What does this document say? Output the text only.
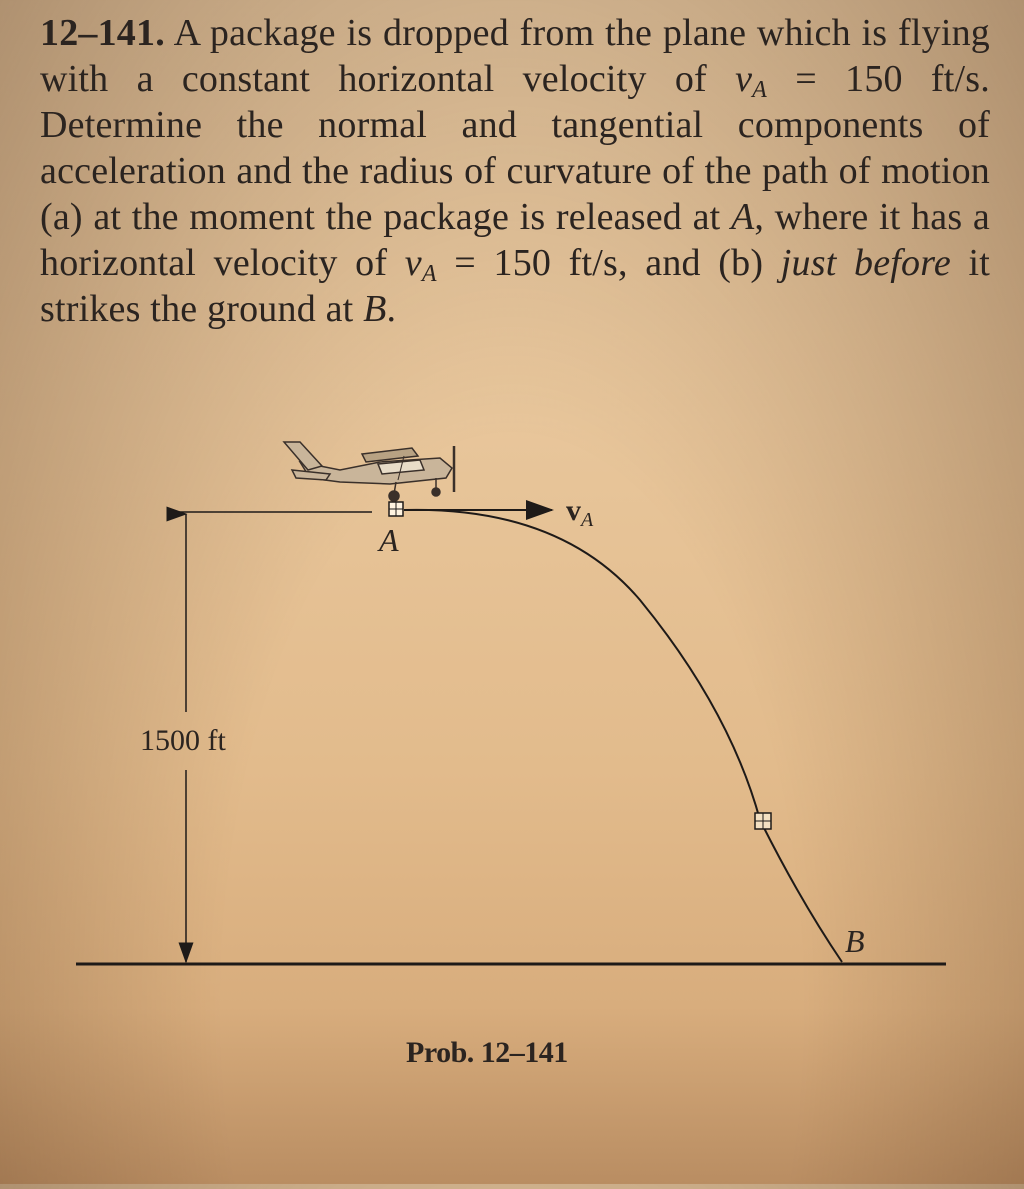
12–141. A package is dropped from the plane which is flying with a constant horizontal velocity of $v_A = 150$ ft/s. Determine the normal and tangential components of acceleration and the radius of curvature of the path of motion (a) at the moment the package is released at A, where it has a horizontal velocity of $v_A = 150$ ft/s, and (b) just before it strikes the ground at B.
A
B
1500 ft
$v_A$
Prob. 12–141
